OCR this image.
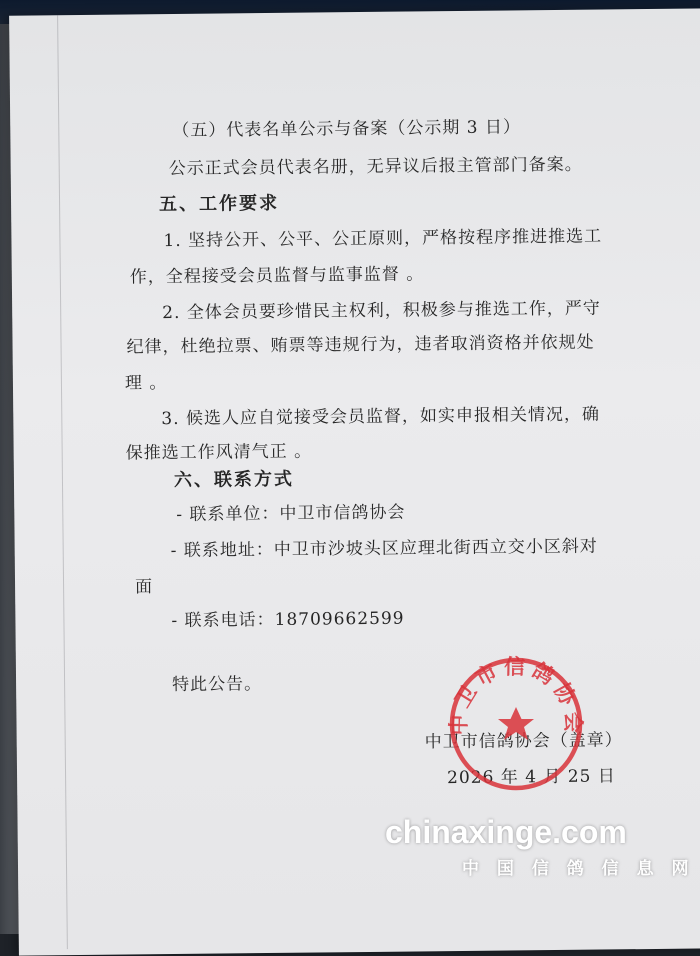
（五）代表名单公示与备案（公示期 3 日）
公示正式会员代表名册，无异议后报主管部门备案。
五、工作要求
1. 坚持公开、公平、公正原则，严格按程序推进推选工
作，全程接受会员监督与监事监督 。
2. 全体会员要珍惜民主权利，积极参与推选工作，严守
纪律，杜绝拉票、贿票等违规行为，违者取消资格并依规处
理 。
3. 候选人应自觉接受会员监督，如实申报相关情况，确
保推选工作风清气正 。
六、联系方式
- 联系单位：中卫市信鸽协会
- 联系地址：中卫市沙坡头区应理北街西立交小区斜对
面
- 联系电话：18709662599
特此公告。
中卫市信鸽协会（盖章）
2026 年 4 月 25 日
中卫市信鸽协会
chinaxinge.com
中 国 信 鸽 信 息 网
